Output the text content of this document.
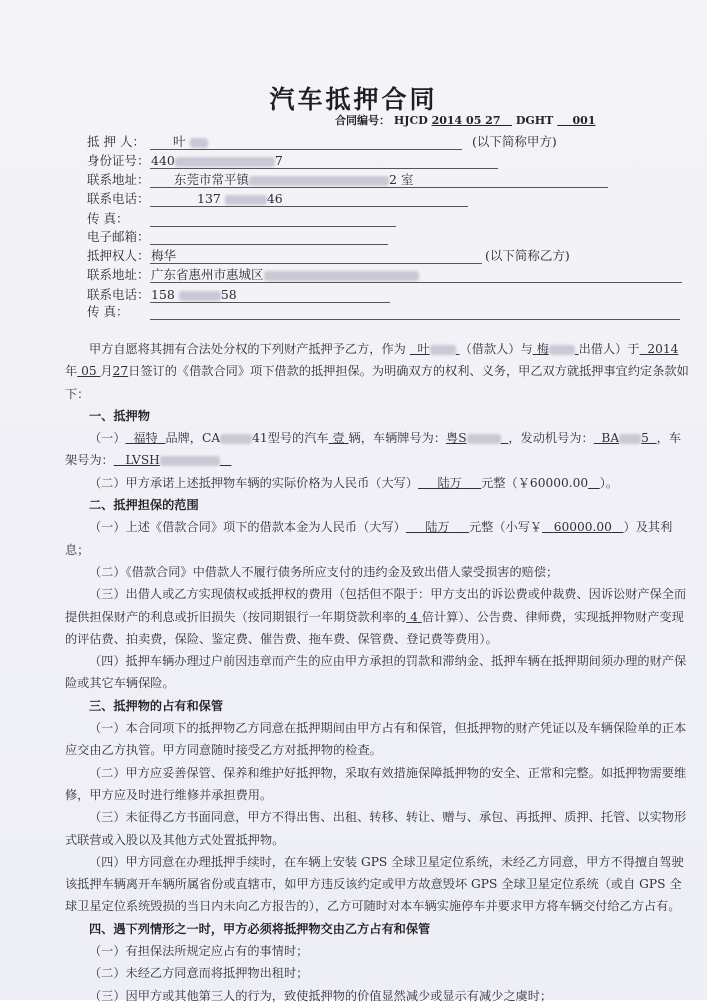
汽车抵押合同
合同编号： HJCD 2014 05 27 DGHT 001
抵 押 人： 叶	(以下简称甲方)
身份证号： 440	7
联系地址： 东莞市常平镇	2 室
联系电话：	137	46
传 真：
电子邮箱：
抵押权人： 梅华	(以下简称乙方)
联系地址： 广东省惠州市惠城区
联系电话： 158	58
传 真：

甲方自愿将其拥有合法处分权的下列财产抵押予乙方，作为 叶 （借款人）与 梅 出借人）于 2014年 05 月27日签订的《借款合同》项下借款的抵押担保。为明确双方的权利、义务，甲乙双方就抵押事宜约定条款如下：

一、抵押物

（一） 福特 品牌，CA	41型号的汽车 壹 辆，车辆牌号为：粤S	，发动机号为： BA 5 ，车架号为： LVSH

（二）甲方承诺上述抵押物车辆的实际价格为人民币（大写） 陆万 元整（￥60000.00 ）。

二、抵押担保的范围

（一）上述《借款合同》项下的借款本金为人民币（大写） 陆万 元整（小写￥ 60000.00 ）及其利息；

（二）《借款合同》中借款人不履行债务所应支付的违约金及致出借人蒙受损害的赔偿；

（三）出借人或乙方实现债权或抵押权的费用（包括但不限于：甲方支出的诉讼费或仲裁费、因诉讼财产保全而提供担保财产的利息或折旧损失（按同期银行一年期贷款利率的 4 倍计算）、公告费、律师费，实现抵押物财产变现的评估费、拍卖费，保险、鉴定费、催告费、拖车费、保管费、登记费等费用）。

（四）抵押车辆办理过户前因违章而产生的应由甲方承担的罚款和滞纳金、抵押车辆在抵押期间须办理的财产保险或其它车辆保险。

三、抵押物的占有和保管

（一）本合同项下的抵押物乙方同意在抵押期间由甲方占有和保管，但抵押物的财产凭证以及车辆保险单的正本应交由乙方执管。甲方同意随时接受乙方对抵押物的检查。

（二）甲方应妥善保管、保养和维护好抵押物，采取有效措施保障抵押物的安全、正常和完整。如抵押物需要维修，甲方应及时进行维修并承担费用。

（三）未征得乙方书面同意，甲方不得出售、出租、转移、转让、赠与、承包、再抵押、质押、托管、以实物形式联营或入股以及其他方式处置抵押物。

（四）甲方同意在办理抵押手续时，在车辆上安装 GPS 全球卫星定位系统，未经乙方同意，甲方不得擅自驾驶该抵押车辆离开车辆所属省份或直辖市，如甲方违反该约定或甲方故意毁坏 GPS 全球卫星定位系统（或自 GPS 全球卫星定位系统毁损的当日内未向乙方报告的），乙方可随时对本车辆实施停车并要求甲方将车辆交付给乙方占有。

四、遇下列情形之一时，甲方必须将抵押物交由乙方占有和保管

（一）有担保法所规定应占有的事情时；

（二）未经乙方同意而将抵押物出租时；

（三）因甲方或其他第三人的行为，致使抵押物的价值显然减少或显示有减少之虞时；
